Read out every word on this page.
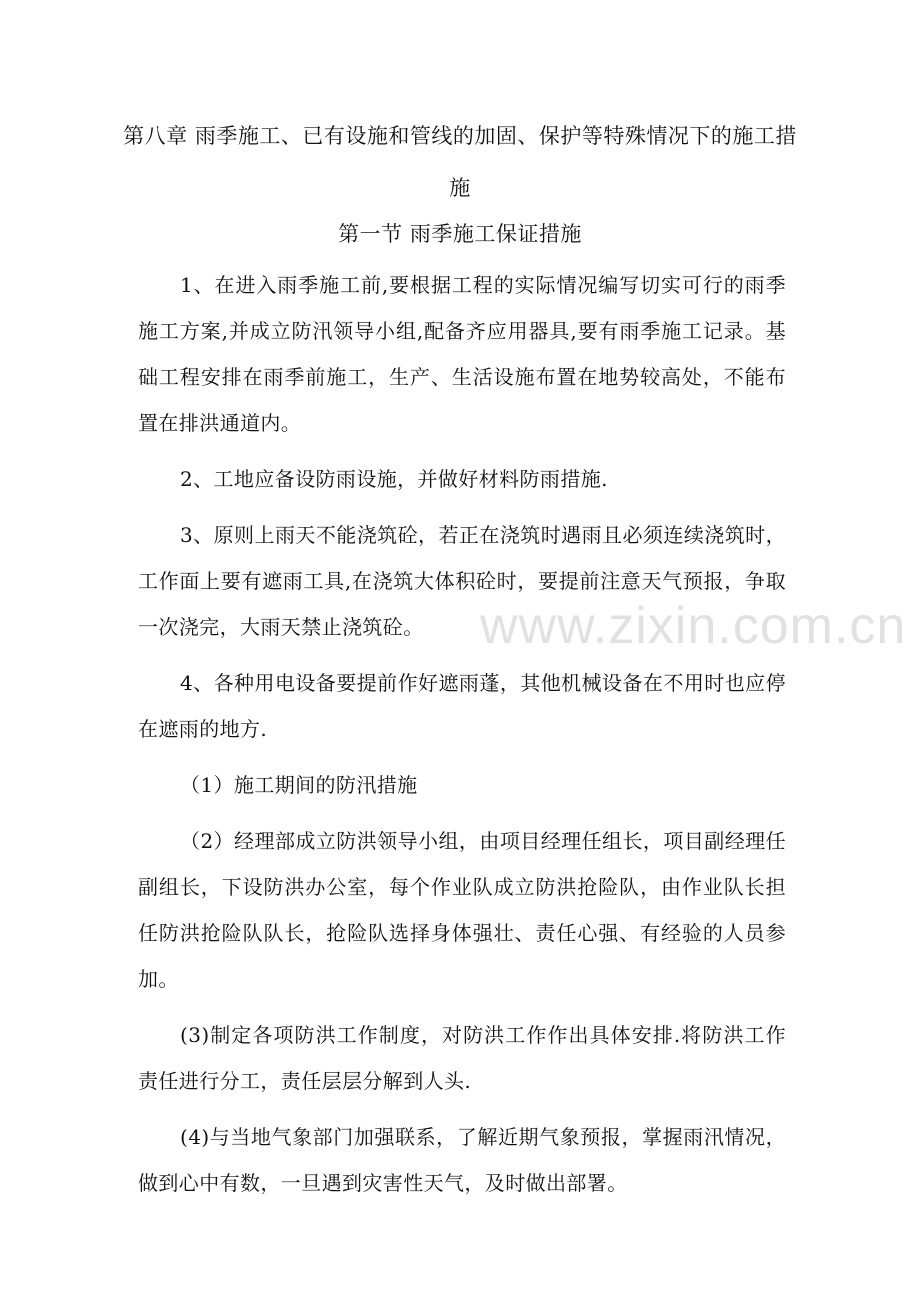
第八章 雨季施工、已有设施和管线的加固、保护等特殊情况下的施工措施
第一节 雨季施工保证措施

1、在进入雨季施工前,要根据工程的实际情况编写切实可行的雨季施工方案,并成立防汛领导小组,配备齐应用器具,要有雨季施工记录。基础工程安排在雨季前施工，生产、生活设施布置在地势较高处，不能布置在排洪通道内。

2、工地应备设防雨设施，并做好材料防雨措施.

3、原则上雨天不能浇筑砼，若正在浇筑时遇雨且必须连续浇筑时，工作面上要有遮雨工具,在浇筑大体积砼时，要提前注意天气预报，争取一次浇完，大雨天禁止浇筑砼。

4、各种用电设备要提前作好遮雨蓬，其他机械设备在不用时也应停在遮雨的地方.

（1）施工期间的防汛措施

（2）经理部成立防洪领导小组，由项目经理任组长，项目副经理任副组长，下设防洪办公室，每个作业队成立防洪抢险队，由作业队长担任防洪抢险队队长，抢险队选择身体强壮、责任心强、有经验的人员参加。

(3)制定各项防洪工作制度，对防洪工作作出具体安排.将防洪工作责任进行分工，责任层层分解到人头.

(4)与当地气象部门加强联系，了解近期气象预报，掌握雨汛情况，做到心中有数，一旦遇到灾害性天气，及时做出部署。

www.zixin.com.cn
